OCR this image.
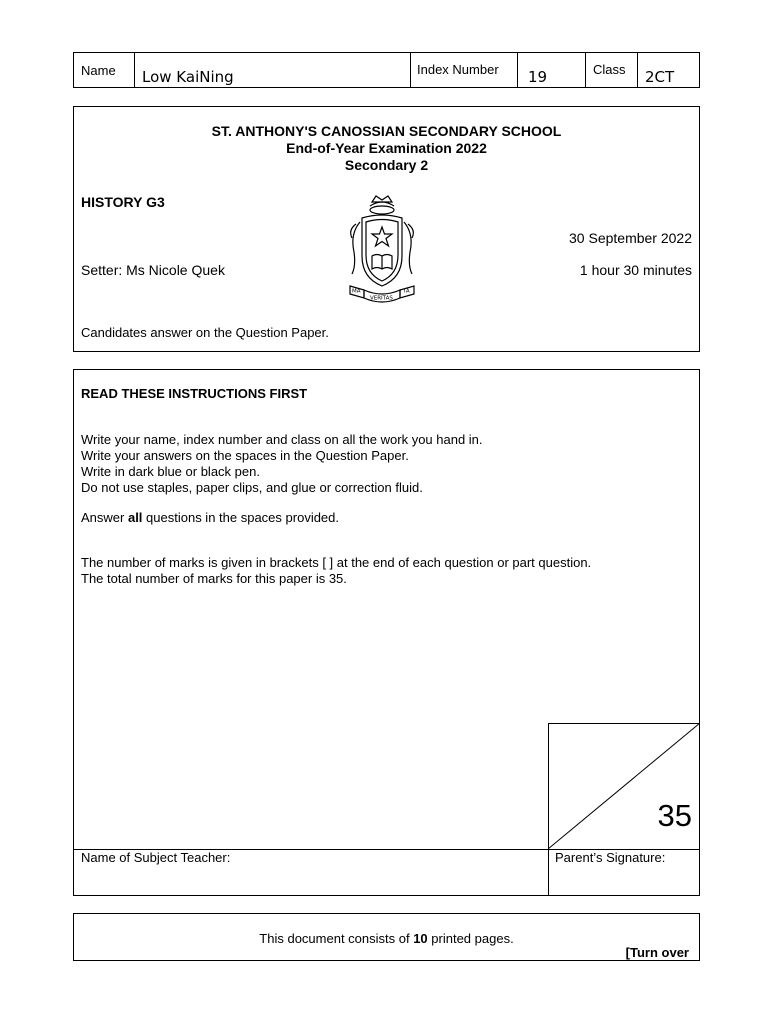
Name Low KaiNing	Index Number 19	Class 2CT
ST. ANTHONY'S CANOSSIAN SECONDARY SCHOOL
End-of-Year Examination 2022
Secondary 2
HISTORY G3
30 September 2022
Setter: Ms Nicole Quek	1 hour 30 minutes
Candidates answer on the Question Paper.
MA
VERITAS
TA
READ THESE INSTRUCTIONS FIRST

Write your name, index number and class on all the work you hand in.

Write your answers on the spaces in the Question Paper.

Write in dark blue or black pen.

Do not use staples, paper clips, and glue or correction fluid.

Answer all questions in the spaces provided.

The number of marks is given in brackets [ ] at the end of each question or part question.

The total number of marks for this paper is 35.

35
Name of Subject Teacher:	Parent’s Signature:

This document consists of 10 printed pages.

[Turn over
